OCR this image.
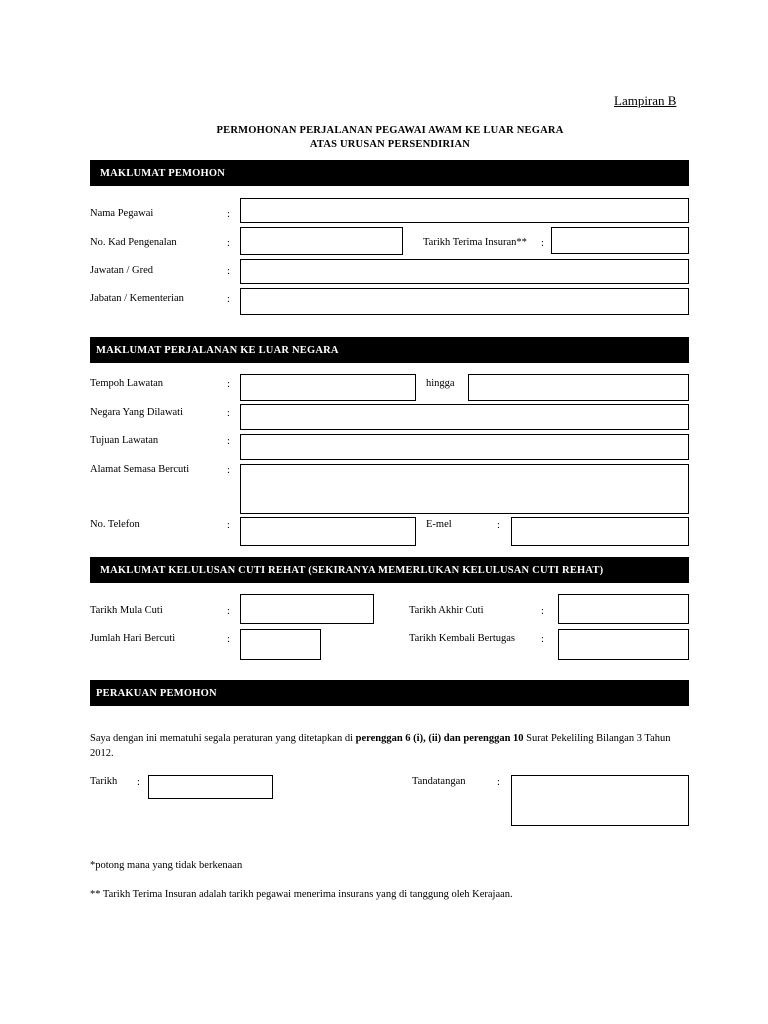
Lampiran B
PERMOHONAN PERJALANAN PEGAWAI AWAM KE LUAR NEGARA
ATAS URUSAN PERSENDIRIAN
MAKLUMAT PEMOHON
Nama Pegawai	:
No. Kad Pengenalan	:	Tarikh Terima Insuran** :
Jawatan / Gred	:
Jabatan / Kementerian	:
MAKLUMAT PERJALANAN KE LUAR NEGARA
Tempoh Lawatan	:	hingga
Negara Yang Dilawati	:
Tujuan Lawatan	:
Alamat Semasa Bercuti	:
No. Telefon	:	E-mel	:
MAKLUMAT KELULUSAN CUTI REHAT (SEKIRANYA MEMERLUKAN KELULUSAN CUTI REHAT)
Tarikh Mula Cuti	:	Tarikh Akhir Cuti	:
Jumlah Hari Bercuti	:	Tarikh Kembali Bertugas :
PERAKUAN PEMOHON
Saya dengan ini mematuhi segala peraturan yang ditetapkan di perenggan 6 (i), (ii) dan perenggan 10 Surat Pekeliling Bilangan 3 Tahun 2012.
Tarikh :	Tandatangan	:
*potong mana yang tidak berkenaan
** Tarikh Terima Insuran adalah tarikh pegawai menerima insurans yang di tanggung oleh Kerajaan.
